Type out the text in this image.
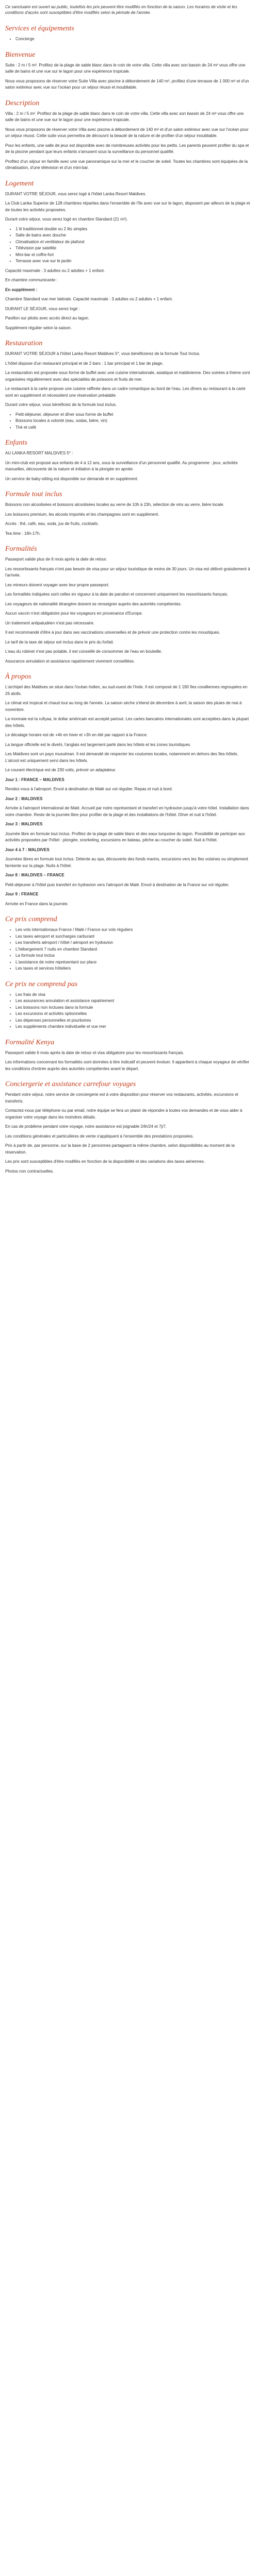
Ce sanctuaire est ouvert au public, toutefois les prix peuvent être modifiés en fonction de la saison. Les horaires de visite et les conditions d'accès sont susceptibles d'être modifiés selon la période de l'année.

Services et équipements
• Concierge
Bienvenue

Suite : 2 m / 5 m². Profitez de la plage de sable blanc dans le coin de votre villa. Cette villa avec son bassin de 24 m² vous offre une salle de bains et une vue sur le lagon pour une expérience tropicale.

Nous vous proposons de réserver votre Suite Villa avec piscine à débordement de 140 m², profitez d'une terrasse de 1 000 m² et d'un salon extérieur avec vue sur l'océan pour un séjour réussi et inoubliable.

Description

Villa : 2 m / 5 m². Profitez de la plage de sable blanc dans le coin de votre villa. Cette villa avec son bassin de 24 m² vous offre une salle de bains et une vue sur le lagon pour une expérience tropicale.

Nous vous proposons de réserver votre Villa avec piscine à débordement de 140 m² et d'un salon extérieur avec vue sur l'océan pour un séjour réussi. Cette suite vous permettra de découvrir la beauté de la nature et de profiter d'un séjour inoubliable.

Pour les enfants, une salle de jeux est disponible avec de nombreuses activités pour les petits. Les parents peuvent profiter du spa et de la piscine pendant que leurs enfants s'amusent sous la surveillance du personnel qualifié.

Profitez d'un séjour en famille avec une vue panoramique sur la mer et le coucher de soleil. Toutes les chambres sont équipées de la climatisation, d'une télévision et d'un mini-bar.

Logement

DURANT VOTRE SÉJOUR, vous serez logé à l'hôtel Lanka Resort Maldives.

La Club Lanka Superior de 128 chambres réparties dans l'ensemble de l'île avec vue sur le lagon, disposent par ailleurs de la plage et de toutes les activités proposées.

Durant votre séjour, vous serez logé en chambre Standard (21 m²).

• 1 lit traditionnel double ou 2 lits simples
• Salle de bains avec douche
• Climatisation et ventilateur de plafond
• Télévision par satellite
• Mini-bar et coffre-fort
• Terrasse avec vue sur le jardin

Capacité maximale : 3 adultes ou 2 adultes + 1 enfant.

En chambre communicante :

En supplément :

Chambre Standard vue mer latérale. Capacité maximale : 3 adultes ou 2 adultes + 1 enfant.

DURANT LE SÉJOUR, vous serez logé :

Pavillon sur pilotis avec accès direct au lagon.

Supplément régulier selon la saison.

Restauration

DURANT VOTRE SÉJOUR à l'hôtel Lanka Resort Maldives 5*, vous bénéficierez de la formule Tout Inclus.

L'hôtel dispose d'un restaurant principal et de 2 bars : 1 bar principal et 1 bar de plage.

La restauration est proposée sous forme de buffet avec une cuisine internationale, asiatique et maldivienne. Des soirées à thème sont organisées régulièrement avec des spécialités de poissons et fruits de mer.

Le restaurant à la carte propose une cuisine raffinée dans un cadre romantique au bord de l'eau. Les dîners au restaurant à la carte sont en supplément et nécessitent une réservation préalable.

Durant votre séjour, vous bénéficiez de la formule tout inclus.

• Petit-déjeuner, déjeuner et dîner sous forme de buffet
• Boissons locales à volonté (eau, sodas, bière, vin)
• Thé et café
Enfants

AU LANKA RESORT MALDIVES 5* :

Un mini-club est proposé aux enfants de 4 à 12 ans, sous la surveillance d'un personnel qualifié. Au programme : jeux, activités manuelles, découverte de la nature et initiation à la plongée en apnée.

Un service de baby-sitting est disponible sur demande et en supplément.

Formule tout inclus

Boissons non alcoolisées et boissons alcoolisées locales au verre de 10h à 23h, sélection de vins au verre, bière locale.

Les boissons premium, les alcools importés et les champagnes sont en supplément.

Accès : thé, café, eau, soda, jus de fruits, cocktails.

Tea time : 16h-17h.

Formalités

Passeport valide plus de 6 mois après la date de retour.

Les ressortissants français n'ont pas besoin de visa pour un séjour touristique de moins de 30 jours. Un visa est délivré gratuitement à l'arrivée.

Les mineurs doivent voyager avec leur propre passeport.

Les formalités indiquées sont celles en vigueur à la date de parution et concernent uniquement les ressortissants français.

Les voyageurs de nationalité étrangère doivent se renseigner auprès des autorités compétentes.

Aucun vaccin n'est obligatoire pour les voyageurs en provenance d'Europe.

Un traitement antipaludéen n'est pas nécessaire.

Il est recommandé d'être à jour dans ses vaccinations universelles et de prévoir une protection contre les moustiques.

Le tarif de la taxe de séjour est inclus dans le prix du forfait.

L'eau du robinet n'est pas potable, il est conseillé de consommer de l'eau en bouteille.

Assurance annulation et assistance rapatriement vivement conseillées.

À propos

L'archipel des Maldives se situe dans l'océan Indien, au sud-ouest de l'Inde. Il est composé de 1 190 îles coralliennes regroupées en 26 atolls.

Le climat est tropical et chaud tout au long de l'année. La saison sèche s'étend de décembre à avril, la saison des pluies de mai à novembre.

La monnaie est la rufiyaa, le dollar américain est accepté partout. Les cartes bancaires internationales sont acceptées dans la plupart des hôtels.

Le décalage horaire est de +4h en hiver et +3h en été par rapport à la France.

La langue officielle est le divehi, l'anglais est largement parlé dans les hôtels et les zones touristiques.

Les Maldives sont un pays musulman. Il est demandé de respecter les coutumes locales, notamment en dehors des îles-hôtels. L'alcool est uniquement servi dans les hôtels.

Le courant électrique est de 230 volts, prévoir un adaptateur.

Jour 1 : FRANCE – MALDIVES

Rendez-vous à l'aéroport. Envol à destination de Malé sur vol régulier. Repas et nuit à bord.

Jour 2 : MALDIVES

Arrivée à l'aéroport international de Malé. Accueil par notre représentant et transfert en hydravion jusqu'à votre hôtel. Installation dans votre chambre. Reste de la journée libre pour profiter de la plage et des installations de l'hôtel. Dîner et nuit à l'hôtel.

Jour 3 : MALDIVES

Journée libre en formule tout inclus. Profitez de la plage de sable blanc et des eaux turquoise du lagon. Possibilité de participer aux activités proposées par l'hôtel : plongée, snorkeling, excursions en bateau, pêche au coucher du soleil. Nuit à l'hôtel.

Jour 4 à 7 : MALDIVES

Journées libres en formule tout inclus. Détente au spa, découverte des fonds marins, excursions vers les îles voisines ou simplement farniente sur la plage. Nuits à l'hôtel.

Jour 8 : MALDIVES – FRANCE

Petit-déjeuner à l'hôtel puis transfert en hydravion vers l'aéroport de Malé. Envol à destination de la France sur vol régulier.

Jour 9 : FRANCE

Arrivée en France dans la journée.

Ce prix comprend
• Les vols internationaux France / Malé / France sur vols réguliers
• Les taxes aéroport et surcharges carburant
• Les transferts aéroport / hôtel / aéroport en hydravion
• L'hébergement 7 nuits en chambre Standard
• La formule tout inclus
• L'assistance de notre représentant sur place
• Les taxes et services hôteliers
Ce prix ne comprend pas
• Les frais de visa
• Les assurances annulation et assistance rapatriement
• Les boissons non incluses dans la formule
• Les excursions et activités optionnelles
• Les dépenses personnelles et pourboires
• Les suppléments chambre individuelle et vue mer
Formalité Kenya

Passeport valide 6 mois après la date de retour et visa obligatoire pour les ressortissants français.

Les informations concernant les formalités sont données à titre indicatif et peuvent évoluer. Il appartient à chaque voyageur de vérifier les conditions d'entrée auprès des autorités compétentes avant le départ.

Conciergerie et assistance carrefour voyages

Pendant votre séjour, notre service de conciergerie est à votre disposition pour réserver vos restaurants, activités, excursions et transferts.

Contactez-nous par téléphone ou par email, notre équipe se fera un plaisir de répondre à toutes vos demandes et de vous aider à organiser votre voyage dans les moindres détails.

En cas de problème pendant votre voyage, notre assistance est joignable 24h/24 et 7j/7.

Les conditions générales et particulières de vente s'appliquent à l'ensemble des prestations proposées.

Prix à partir de, par personne, sur la base de 2 personnes partageant la même chambre, selon disponibilités au moment de la réservation.

Les prix sont susceptibles d'être modifiés en fonction de la disponibilité et des variations des taxes aériennes.

Photos non contractuelles.
